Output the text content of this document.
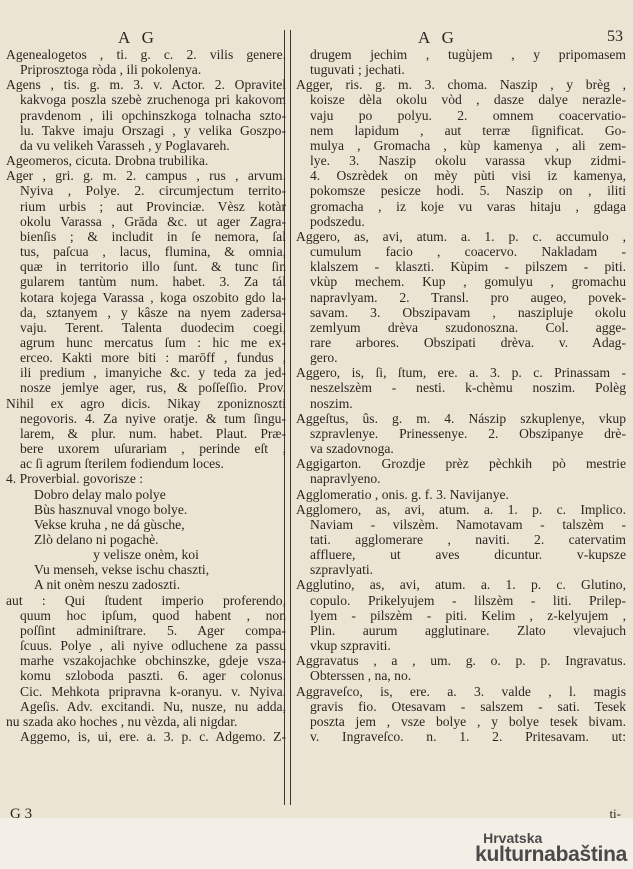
A G	A G	53
Agenealogetos , ti. g. c. 2. vilis genere.
Priprosztoga ròda , ili pokolenya.
Agens , tis. g. m. 3. v. Actor. 2. Opravitel
kakvoga poszla szebè zruchenoga pri kakovom
pravdenom , ili opchinszkoga tolnacha szto-
lu. Takve imaju Orszagi , y velika Goszpo-
da vu velikeh Varasseh , y Poglavareh.
Ageomeros, cicuta. Drobna trubilika.
Ager , gri. g. m. 2. campus , rus , arvum.
Nyiva , Polye. 2. circumjectum territo-
rium urbis ; aut Provinciæ. Vèsz kotàr
okolu Varassa , Grāda &c. ut ager Zagra-
bienſis ; & includit in ſe nemora, ſal
tus, paſcua , lacus, flumina, & omnia,
quæ in territorio illo ſunt. & tunc ſin
gularem tantùm num. habet. 3. Za tál
kotara kojega Varassa , koga oszobito gdo la-
da, sztanyem , y kâsze na nyem zadersa-
vaju. Terent. Talenta duodecim coegi,
agrum hunc mercatus ſum : hic me ex-
erceo. Kakti more biti : marōff , fundus ,
ili predium , imanyiche &c. y teda za jed-
nosze jemlye ager, rus, & poſſeſſio. Prov.
Nihil ex agro dicis. Nikay zponiznoszti
negovoris. 4. Za nyive oratje. & tum ſingu-
larem, & plur. num. habet. Plaut. Præ-
bere uxorem uſurariam , perinde eſt ,
ac ſi agrum ſterilem fodiendum loces.
4. Proverbial. govorisze :
Dobro delay malo polye
Bùs hasznuval vnogo bolye.
Vekse kruha , ne dá gùsche,
Zlò delano ni pogachè.
y velisze onèm, koi
Vu menseh, vekse ischu chaszti,
A nit onèm neszu zadoszti.
aut : Qui ſtudent imperio proferendo,
quum hoc ipſum, quod habent , non
poſſint adminiſtrare. 5. Ager compa-
ſcuus. Polye , ali nyive odluchene za passu
marhe vszakojachke obchinszke, gdeje vsza-
komu szloboda paszti. 6. ager colonus.
Cic. Mehkota pripravna k-oranyu. v. Nyiva.
Ageſis. Adv. excitandi. Nu, nusze, nu adda,
nu szada ako hoches , nu vèzda, ali nigdar.
Aggemo, is, ui, ere. a. 3. p. c. Adgemo. Z-
drugem jechim , tugùjem , y pripomasem
tuguvati ; jechati.
Agger, ris. g. m. 3. choma. Naszip , y brèg ,
koisze dèla okolu vòd , dasze dalye nerazle-
vaju po polyu. 2. omnem coacervatio-
nem lapidum , aut terræ ſignificat. Go-
mulya , Gromacha , kùp kamenya , ali zem-
lye. 3. Naszip okolu varassa vkup zidmi-
4. Oszrèdek on mèy pùti visi iz kamenya,
pokomsze pesicze hodi. 5. Naszip on , iliti
gromacha , iz koje vu varas hitaju , gdaga
podszedu.
Aggero, as, avi, atum. a. 1. p. c. accumulo ,
cumulum facio , coacervo. Nakladam -
klalszem - klaszti. Kùpim - pilszem - piti.
vkùp mechem. Kup , gomulyu , gromachu
napravlyam. 2. Transl. pro augeo, povek-
savam. 3. Obszipavam , naszipluje okolu
zemlyum drèva szudonoszna. Col. agge-
rare arbores. Obszipati drèva. v. Adag-
gero.
Aggero, is, ſi, ſtum, ere. a. 3. p. c. Prinassam -
neszelszèm - nesti. k-chèmu noszim. Polèg
noszim.
Aggeſtus, ûs. g. m. 4. Nászip szkuplenye, vkup
szpravlenye. Prinessenye. 2. Obszipanye drè-
va szadovnoga.
Aggigarton. Grozdje prèz pèchkih pò mestrie
napravlyeno.
Agglomeratio , onis. g. f. 3. Navijanye.
Agglomero, as, avi, atum. a. 1. p. c. Implico.
Naviam - vilszèm. Namotavam - talszèm -
tati. agglomerare , naviti. 2. catervatim
affluere, ut aves dicuntur. v-kupsze
szpravlyati.
Agglutino, as, avi, atum. a. 1. p. c. Glutino,
copulo. Prikelyujem - lilszèm - liti. Prilep-
lyem - pilszèm - piti. Kelim , z-kelyujem ,
Plin. aurum agglutinare. Zlato vlevajuch
vkup szpraviti.
Aggravatus , a , um. g. o. p. p. Ingravatus.
Obterssen , na, no.
Aggraveſco, is, ere. a. 3. valde , l. magis
gravis fio. Otesavam - salszem - sati. Tesek
poszta jem , vsze bolye , y bolye tesek bivam.
v. Ingraveſco. n. 1. 2. Pritesavam. ut:
G 3	ti-
Hrvatska
kulturnabaština
